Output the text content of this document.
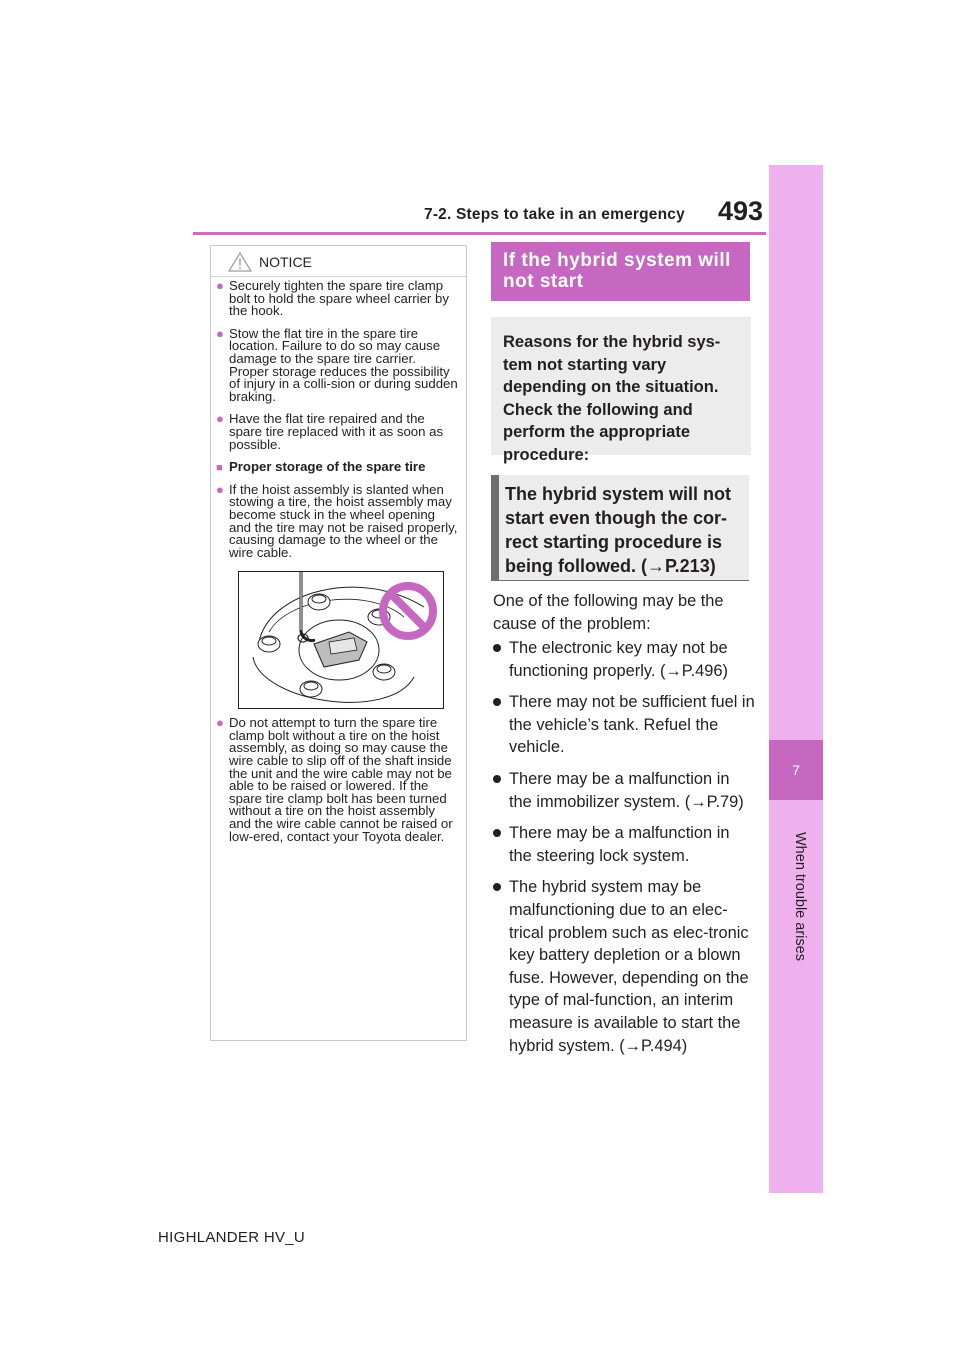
7-2. Steps to take in an emergency 493
7
When trouble arises
NOTICE
● Securely tighten the spare tire clamp bolt to hold the spare wheel carrier by the hook.
● Stow the flat tire in the spare tire location. Failure to do so may cause damage to the spare tire carrier. Proper storage reduces the possibility of injury in a colli-sion or during sudden braking.
● Have the flat tire repaired and the spare tire replaced with it as soon as possible.
■ Proper storage of the spare tire
● If the hoist assembly is slanted when stowing a tire, the hoist assembly may become stuck in the wheel opening and the tire may not be raised properly, causing damage to the wheel or the wire cable.
● Do not attempt to turn the spare tire clamp bolt without a tire on the hoist assembly, as doing so may cause the wire cable to slip off of the shaft inside the unit and the wire cable may not be able to be raised or lowered. If the spare tire clamp bolt has been turned without a tire on the hoist assembly and the wire cable cannot be raised or low-ered, contact your Toyota dealer.
If the hybrid system will not start
Reasons for the hybrid sys-tem not starting vary depending on the situation. Check the following and perform the appropriate procedure:
The hybrid system will not start even though the cor-rect starting procedure is being followed. (→P.213)
One of the following may be the cause of the problem:
The electronic key may not be functioning properly. (→P.496)
There may not be sufficient fuel in the vehicle’s tank. Refuel the vehicle.
There may be a malfunction in the immobilizer system. (→P.79)
There may be a malfunction in the steering lock system.
The hybrid system may be malfunctioning due to an elec-trical problem such as elec-tronic key battery depletion or a blown fuse. However, depending on the type of mal-function, an interim measure is available to start the hybrid system. (→P.494)
HIGHLANDER HV_U
